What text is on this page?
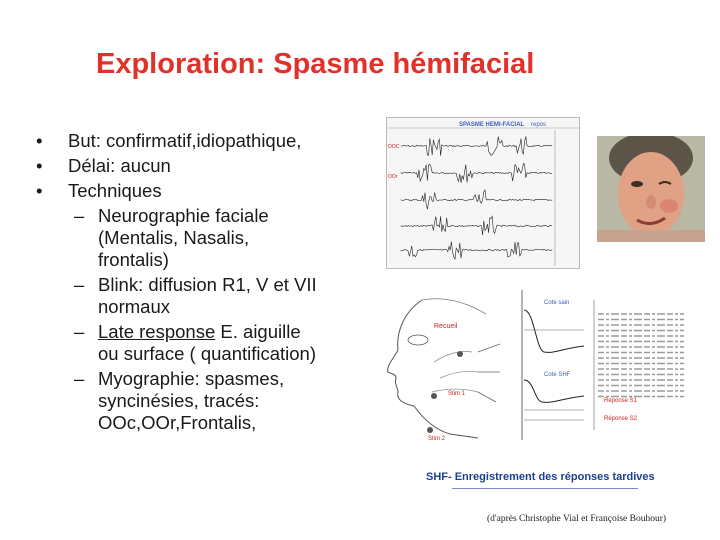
Exploration: Spasme hémifacial
• But: confirmatif,idiopathique,
• Délai: aucun
• Techniques
– Neurographie faciale
(Mentalis, Nasalis,
frontalis)
– Blink: diffusion R1, V et VII
normaux
– Late response E. aiguille
ou surface ( quantification)
– Myographie: spasmes,
syncinésies, tracés:
OOc,OOr,Frontalis,
SPASME HEMI-FACIAL repos
OOC
OOr
Recueil
Stim 1
Stim 2
Cote sain
Cote SHF
Réponse S1
Réponse S2
SHF- Enregistrement des réponses tardives
(d'après Christophe Vial et Françoise Bouhour)
